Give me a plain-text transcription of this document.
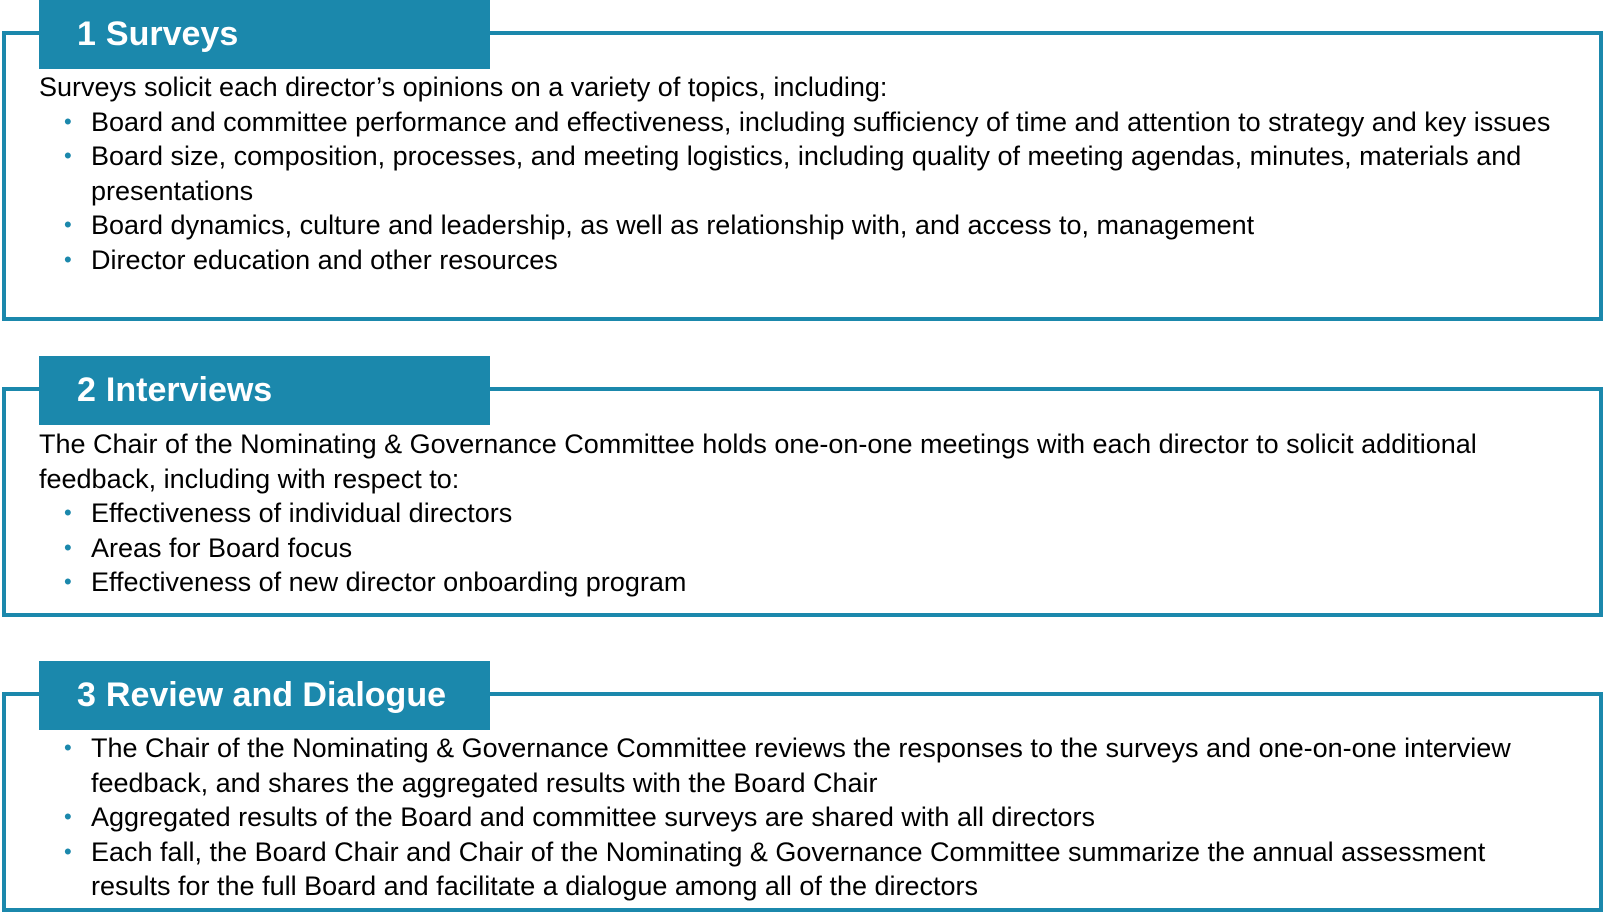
1 Surveys

Surveys solicit each director’s opinions on a variety of topics, including:

• Board and committee performance and effectiveness, including sufficiency of time and attention to strategy and key issues
• Board size, composition, processes, and meeting logistics, including quality of meeting agendas, minutes, materials and presentations
• Board dynamics, culture and leadership, as well as relationship with, and access to, management
• Director education and other resources
2 Interviews

The Chair of the Nominating & Governance Committee holds one-on-one meetings with each director to solicit additional feedback, including with respect to:

• Effectiveness of individual directors
• Areas for Board focus
• Effectiveness of new director onboarding program
3 Review and Dialogue
• The Chair of the Nominating & Governance Committee reviews the responses to the surveys and one-on-one interview feedback, and shares the aggregated results with the Board Chair
• Aggregated results of the Board and committee surveys are shared with all directors
• Each fall, the Board Chair and Chair of the Nominating & Governance Committee summarize the annual assessment results for the full Board and facilitate a dialogue among all of the directors
